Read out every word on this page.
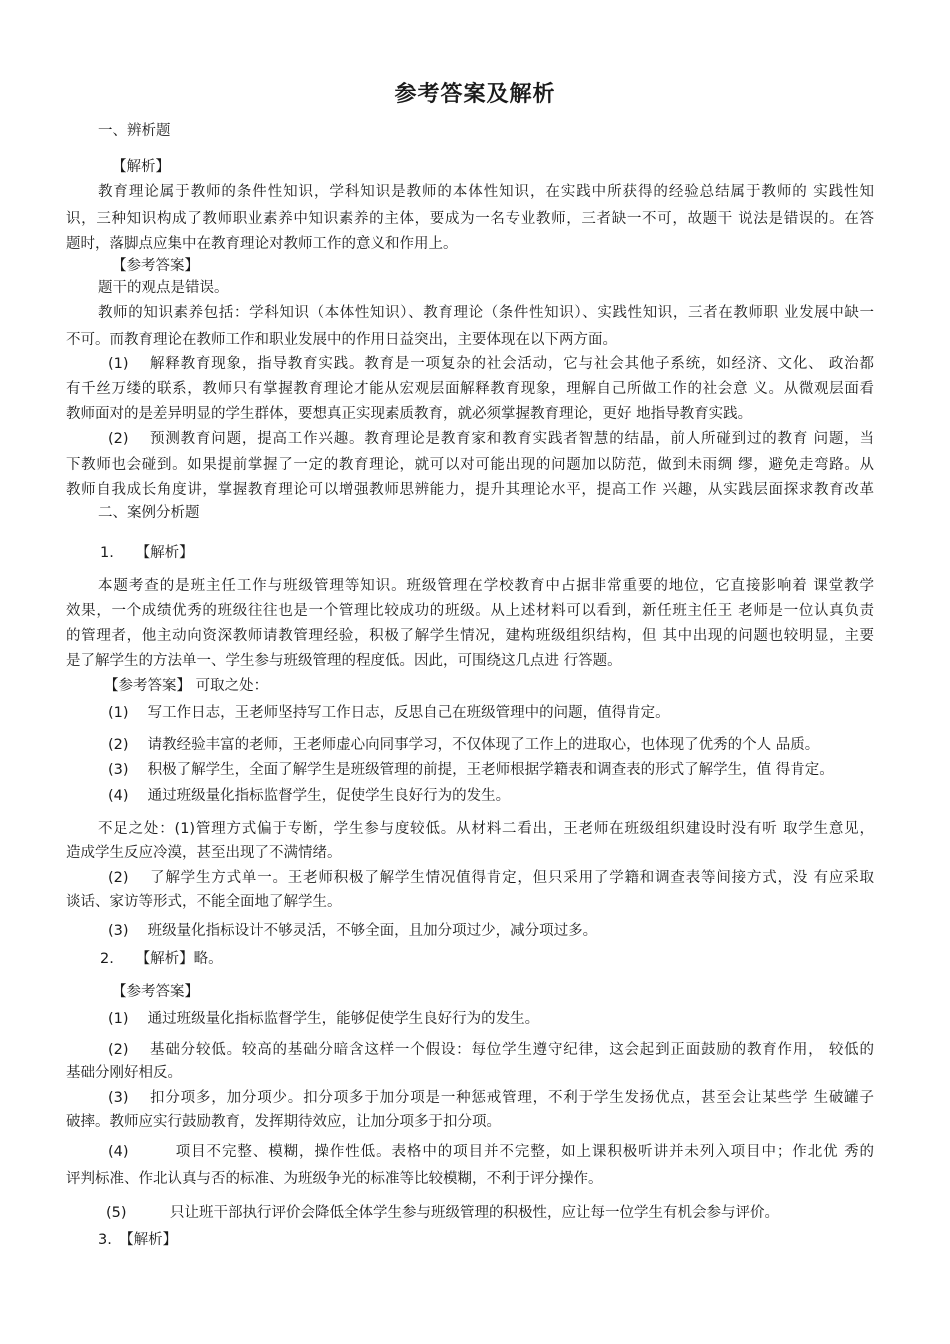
参考答案及解析
一、辨析题
【解析】
教育理论属于教师的条件性知识，学科知识是教师的本体性知识，在实践中所获得的经验总结属于教师的 实践性知
识，三种知识构成了教师职业素养中知识素养的主体，要成为一名专业教师，三者缺一不可，故题干 说法是错误的。在答
题时，落脚点应集中在教育理论对教师工作的意义和作用上。
【参考答案】
题干的观点是错误。
教师的知识素养包括：学科知识（本体性知识）、教育理论（条件性知识）、实践性知识，三者在教师职 业发展中缺一
不可。而教育理论在教师工作和职业发展中的作用日益突出，主要体现在以下两方面。
(1)　 解释教育现象，指导教育实践。教育是一项复杂的社会活动，它与社会其他子系统，如经济、文化、 政治都
有千丝万缕的联系，教师只有掌握教育理论才能从宏观层面解释教育现象，理解自己所做工作的社会意 义。从微观层面看
教师面对的是差异明显的学生群体，要想真正实现素质教育，就必须掌握教育理论，更好 地指导教育实践。
(2)　 预测教育问题，提高工作兴趣。教育理论是教育家和教育实践者智慧的结晶，前人所碰到过的教育 问题，当
下教师也会碰到。如果提前掌握了一定的教育理论，就可以对可能出现的问题加以防范，做到未雨绸 缪，避免走弯路。从
教师自我成长角度讲，掌握教育理论可以增强教师思辨能力，提升其理论水平，提高工作 兴趣，从实践层面探求教育改革
二、案例分析题
1.　　【解析】
本题考查的是班主任工作与班级管理等知识。班级管理在学校教育中占据非常重要的地位，它直接影响着 课堂教学
效果，一个成绩优秀的班级往往也是一个管理比较成功的班级。从上述材料可以看到，新任班主任王 老师是一位认真负责
的管理者，他主动向资深教师请教管理经验，积极了解学生情况，建构班级组织结构，但 其中出现的问题也较明显，主要
是了解学生的方法单一、学生参与班级管理的程度低。因此，可围绕这几点进 行答题。
【参考答案】 可取之处：
(1)　 写工作日志，王老师坚持写工作日志，反思自己在班级管理中的问题，值得肯定。
(2)　 请教经验丰富的老师，王老师虚心向同事学习，不仅体现了工作上的进取心，也体现了优秀的个人 品质。
(3)　 积极了解学生，全面了解学生是班级管理的前提，王老师根据学籍表和调查表的形式了解学生，值 得肯定。
(4)　 通过班级量化指标监督学生，促使学生良好行为的发生。
不足之处：(1)管理方式偏于专断，学生参与度较低。从材料二看出，王老师在班级组织建设时没有听 取学生意见，
造成学生反应冷漠，甚至出现了不满情绪。
(2)　 了解学生方式单一。王老师积极了解学生情况值得肯定，但只采用了学籍和调查表等间接方式，没 有应采取
谈话、家访等形式，不能全面地了解学生。
(3)　 班级量化指标设计不够灵活，不够全面，且加分项过少，减分项过多。
2.　　【解析】略。
【参考答案】
(1)　 通过班级量化指标监督学生，能够促使学生良好行为的发生。
(2)　 基础分较低。较高的基础分暗含这样一个假设：每位学生遵守纪律，这会起到正面鼓励的教育作用， 较低的
基础分刚好相反。
(3)　 扣分项多，加分项少。扣分项多于加分项是一种惩戒管理，不利于学生发扬优点，甚至会让某些学 生破罐子
破摔。教师应实行鼓励教育，发挥期待效应，让加分项多于扣分项。
(4)　　　项目不完整、模糊，操作性低。表格中的项目并不完整，如上课积极听讲并未列入项目中；作北优 秀的
评判标准、作北认真与否的标准、为班级争光的标准等比较模糊，不利于评分操作。
(5)　　　只让班干部执行评价会降低全体学生参与班级管理的积极性，应让每一位学生有机会参与评价。
3.　【解析】
